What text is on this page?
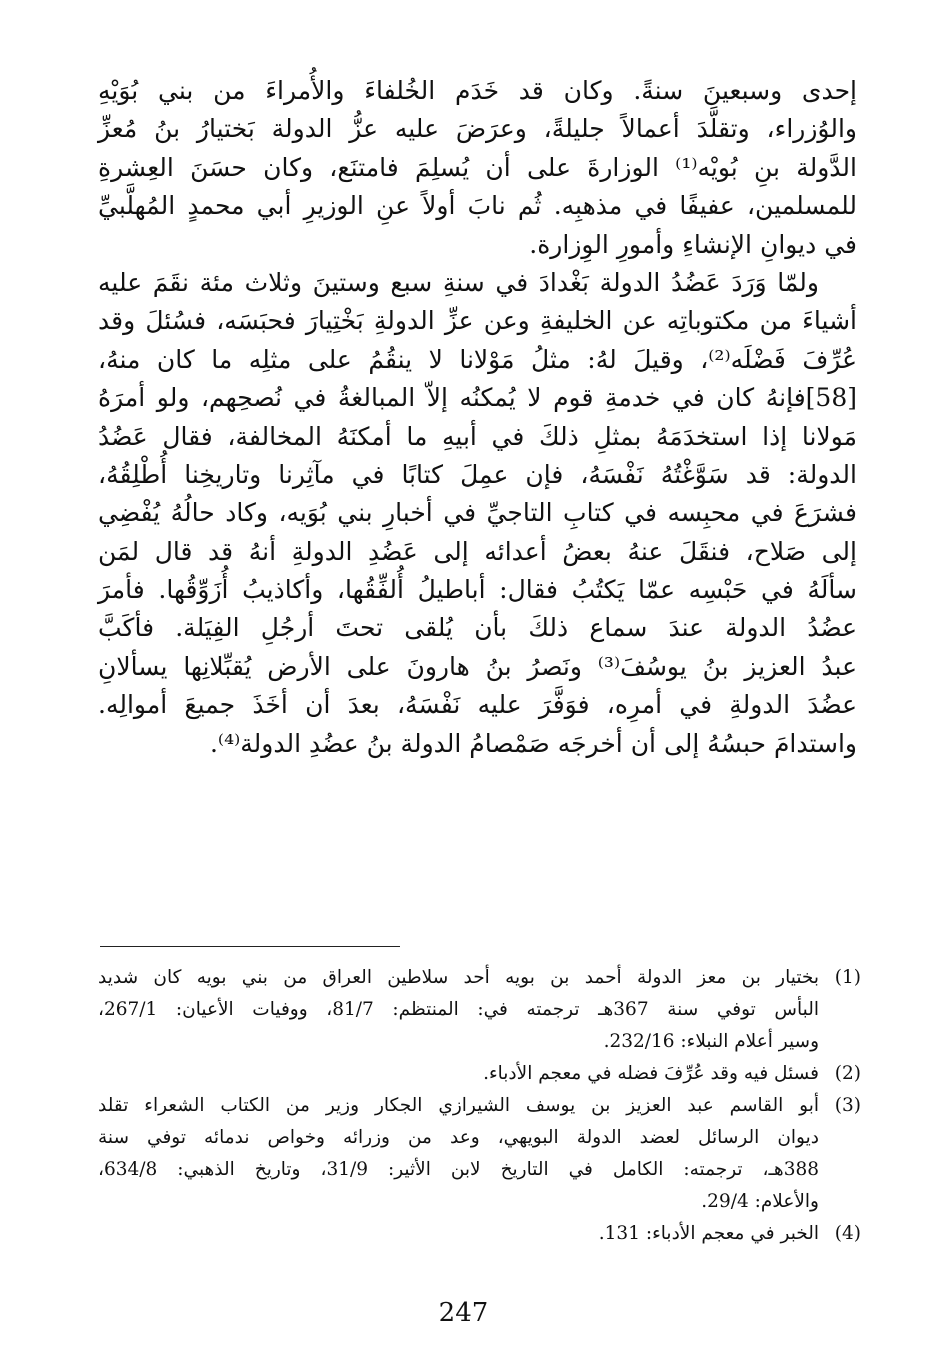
إحدى وسبعينَ سنةً. وكان قد خَدَم الخُلفاءَ والأُمراءَ من بني بُوَيْهِ
والوُزراء، وتقلَّدَ أعمالاً جليلةً، وعرَضَ عليه عزُّ الدولة بَختيارُ بنُ مُعزِّ
الدَّولة بنِ بُويْه⁽¹⁾ الوزارةَ على أن يُسلِمَ فامتنَع، وكان حسَنَ العِشرةِ
للمسلمين، عفيفًا في مذهبِه. ثُم نابَ أولاً عنِ الوزيرِ أبي محمدٍ المُهلَّبيِّ
في ديوانِ الإنشاءِ وأمورِ الوِزارة.
ولمّا وَرَدَ عَضُدُ الدولة بَغْدادَ في سنةِ سبع وستينَ وثلاث مئة نقَمَ عليه
أشياءَ من مكتوباتِه عن الخليفةِ وعن عزِّ الدولةِ بَخْتِيارَ فحبَسَه، فسُئلَ وقد
عُرِّفَ فَضْلَه⁽²⁾، وقيلَ لهُ: مثلُ مَوْلانا لا ينقُمُ على مثلِه ما كان منهُ،
[58]فإنهُ كان في خدمةِ قوم لا يُمكنُه إلاّ المبالغةُ في نُصحِهم، ولو أمرَهُ
مَولانا إذا استخدَمَهُ بمثلِ ذلكَ في أبيهِ ما أمكنَهُ المخالفة، فقال عَضُدُ
الدولة: قد سَوَّغْتُهُ نَفْسَهُ، فإن عمِلَ كتابًا في مآثِرنا وتاريخِنا أُطْلِقُهُ،
فشرَعَ في محبِسه في كتابِ التاجيِّ في أخبارِ بني بُوَيه، وكاد حالُهُ يُفْضِي
إلى صَلاح، فنقَلَ عنهُ بعضُ أعدائه إلى عَضُدِ الدولةِ أنهُ قد قال لمَن
سألَهُ في حَبْسِه عمّا يَكتُبُ فقال: أباطيلُ أُلفِّقُها، وأكاذيبُ أُزَوِّقُها. فأمرَ
عضُدُ الدولة عندَ سماع ذلكَ بأن يُلقى تحتَ أرجُلِ الفِيَلة. فأكَبَّ
عبدُ العزيز بنُ يوسُفَ⁽³⁾ ونَصرُ بنُ هارونَ على الأرض يُقبِّلانِها يسألانِ
عضُدَ الدولةِ في أمرِه، فوَفَّرَ عليه نَفْسَهُ، بعدَ أن أخَذَ جميعَ أموالِه.
واستدامَ حبسُهُ إلى أن أخرجَه صَمْصامُ الدولة بنُ عضُدِ الدولة⁽⁴⁾.
(1)
بختيار بن معز الدولة أحمد بن بويه أحد سلاطين العراق من بني بويه كان شديد
البأس توفي سنة 367هـ ترجمته في: المنتظم: 81/7، ووفيات الأعيان: 267/1،
وسير أعلام النبلاء: 232/16.
(2)
فسئل فيه وقد عُرِّفَ فضله في معجم الأدباء.
(3)
أبو القاسم عبد العزيز بن يوسف الشيرازي الجكار وزير من الكتاب الشعراء تقلد
ديوان الرسائل لعضد الدولة البويهي، وعد من وزرائه وخواص ندمائه توفي سنة
388هـ، ترجمته: الكامل في التاريخ لابن الأثير: 31/9، وتاريخ الذهبي: 634/8،
والأعلام: 29/4.
(4)
الخبر في معجم الأدباء: 131.
247
